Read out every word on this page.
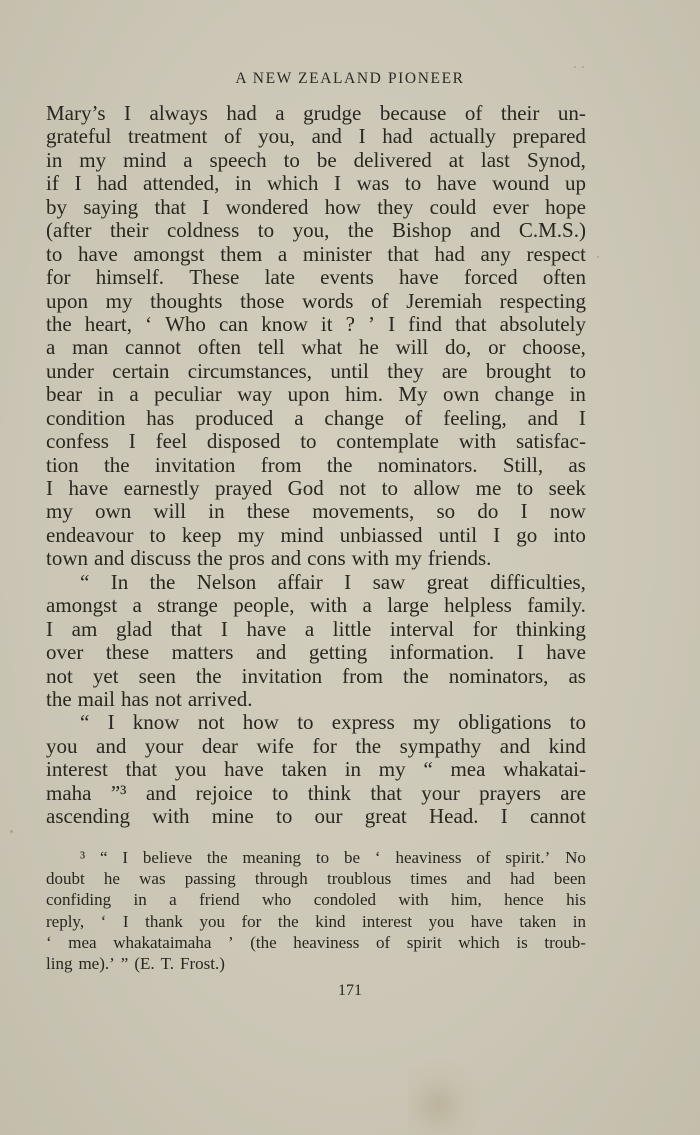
A NEW ZEALAND PIONEER
Mary’s I always had a grudge because of their un-
grateful treatment of you, and I had actually prepared
in my mind a speech to be delivered at last Synod,
if I had attended, in which I was to have wound up
by saying that I wondered how they could ever hope
(after their coldness to you, the Bishop and C.M.S.)
to have amongst them a minister that had any respect
for himself. These late events have forced often
upon my thoughts those words of Jeremiah respecting
the heart, ‘ Who can know it ? ’ I find that absolutely
a man cannot often tell what he will do, or choose,
under certain circumstances, until they are brought to
bear in a peculiar way upon him. My own change in
condition has produced a change of feeling, and I
confess I feel disposed to contemplate with satisfac-
tion the invitation from the nominators. Still, as
I have earnestly prayed God not to allow me to seek
my own will in these movements, so do I now
endeavour to keep my mind unbiassed until I go into
town and discuss the pros and cons with my friends.
“ In the Nelson affair I saw great difficulties,
amongst a strange people, with a large helpless family.
I am glad that I have a little interval for thinking
over these matters and getting information. I have
not yet seen the invitation from the nominators, as
the mail has not arrived.
“ I know not how to express my obligations to
you and your dear wife for the sympathy and kind
interest that you have taken in my “ mea whakatai-
maha ”³ and rejoice to think that your prayers are
ascending with mine to our great Head. I cannot
³ “ I believe the meaning to be ‘ heaviness of spirit.’ No
doubt he was passing through troublous times and had been
confiding in a friend who condoled with him, hence his
reply, ‘ I thank you for the kind interest you have taken in
‘ mea whakataimaha ’ (the heaviness of spirit which is troub-
ling me).’ ” (E. T. Frost.)
171
